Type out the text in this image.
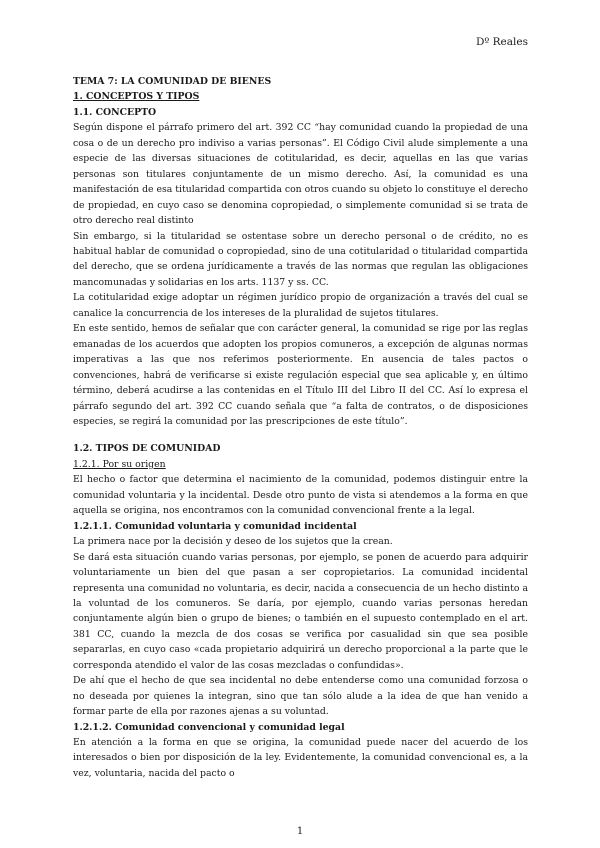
Dº Reales

TEMA 7: LA COMUNIDAD DE BIENES

1. CONCEPTOS Y TIPOS

1.1. CONCEPTO

Según dispone el párrafo primero del art. 392 CC “hay comunidad cuando la propiedad de una cosa o de un derecho pro indiviso a varias personas”. El Código Civil alude simplemente a una especie de las diversas situaciones de cotitularidad, es decir, aquellas en las que varias personas son titulares conjuntamente de un mismo derecho. Así, la comunidad es una manifestación de esa titularidad compartida con otros cuando su objeto lo constituye el derecho de propiedad, en cuyo caso se denomina copropiedad, o simplemente comunidad si se trata de otro derecho real distinto

Sin embargo, si la titularidad se ostentase sobre un derecho personal o de crédito, no es habitual hablar de comunidad o copropiedad, sino de una cotitularidad o titularidad compartida del derecho, que se ordena jurídicamente a través de las normas que regulan las obligaciones mancomunadas y solidarias en los arts. 1137 y ss. CC.

La cotitularidad exige adoptar un régimen jurídico propio de organización a través del cual se canalice la concurrencia de los intereses de la pluralidad de sujetos titulares.

En este sentido, hemos de señalar que con carácter general, la comunidad se rige por las reglas emanadas de los acuerdos que adopten los propios comuneros, a excepción de algunas normas imperativas a las que nos referimos posteriormente. En ausencia de tales pactos o convenciones, habrá de verificarse si existe regulación especial que sea aplicable y, en último término, deberá acudirse a las contenidas en el Título III del Libro II del CC. Así lo expresa el párrafo segundo del art. 392 CC cuando señala que “a falta de contratos, o de disposiciones especies, se regirá la comunidad por las prescripciones de este título”.

1.2. TIPOS DE COMUNIDAD

1.2.1. Por su origen

El hecho o factor que determina el nacimiento de la comunidad, podemos distinguir entre la comunidad voluntaria y la incidental. Desde otro punto de vista si atendemos a la forma en que aquella se origina, nos encontramos con la comunidad convencional frente a la legal.

1.2.1.1. Comunidad voluntaria y comunidad incidental

La primera nace por la decisión y deseo de los sujetos que la crean.

Se dará esta situación cuando varias personas, por ejemplo, se ponen de acuerdo para adquirir voluntariamente un bien del que pasan a ser copropietarios. La comunidad incidental representa una comunidad no voluntaria, es decir, nacida a consecuencia de un hecho distinto a la voluntad de los comuneros. Se daría, por ejemplo, cuando varias personas heredan conjuntamente algún bien o grupo de bienes; o también en el supuesto contemplado en el art. 381 CC, cuando la mezcla de dos cosas se verifica por casualidad sin que sea posible separarlas, en cuyo caso «cada propietario adquirirá un derecho proporcional a la parte que le corresponda atendido el valor de las cosas mezcladas o confundidas».

De ahí que el hecho de que sea incidental no debe entenderse como una comunidad forzosa o no deseada por quienes la integran, sino que tan sólo alude a la idea de que han venido a formar parte de ella por razones ajenas a su voluntad.

1.2.1.2. Comunidad convencional y comunidad legal

En atención a la forma en que se origina, la comunidad puede nacer del acuerdo de los interesados o bien por disposición de la ley. Evidentemente, la comunidad convencional es, a la vez, voluntaria, nacida del pacto o

1
